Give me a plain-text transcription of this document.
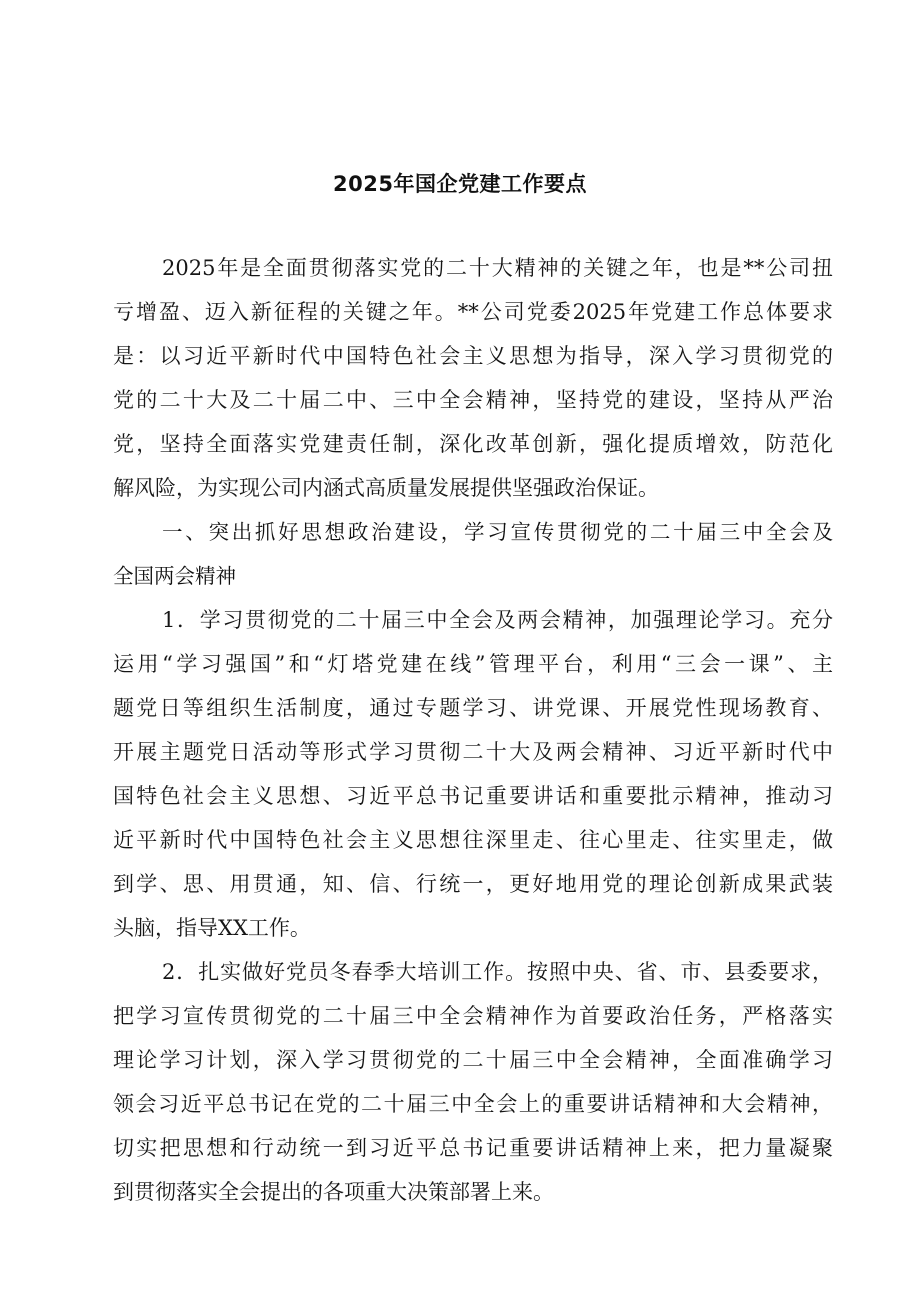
2025年国企党建工作要点
2025年是全面贯彻落实党的二十大精神的关键之年，也是**公司扭
亏增盈、迈入新征程的关键之年。**公司党委2025年党建工作总体要求
是：以习近平新时代中国特色社会主义思想为指导，深入学习贯彻党的
党的二十大及二十届二中、三中全会精神，坚持党的建设，坚持从严治
党，坚持全面落实党建责任制，深化改革创新，强化提质增效，防范化
解风险，为实现公司内涵式高质量发展提供坚强政治保证。
一、突出抓好思想政治建设，学习宣传贯彻党的二十届三中全会及
全国两会精神
1．学习贯彻党的二十届三中全会及两会精神，加强理论学习。充分
运用“学习强国”和“灯塔党建在线”管理平台，利用“三会一课”、主
题党日等组织生活制度，通过专题学习、讲党课、开展党性现场教育、
开展主题党日活动等形式学习贯彻二十大及两会精神、习近平新时代中
国特色社会主义思想、习近平总书记重要讲话和重要批示精神，推动习
近平新时代中国特色社会主义思想往深里走、往心里走、往实里走，做
到学、思、用贯通，知、信、行统一，更好地用党的理论创新成果武装
头脑，指导XX工作。
2．扎实做好党员冬春季大培训工作。按照中央、省、市、县委要求，
把学习宣传贯彻党的二十届三中全会精神作为首要政治任务，严格落实
理论学习计划，深入学习贯彻党的二十届三中全会精神，全面准确学习
领会习近平总书记在党的二十届三中全会上的重要讲话精神和大会精神，
切实把思想和行动统一到习近平总书记重要讲话精神上来，把力量凝聚
到贯彻落实全会提出的各项重大决策部署上来。
